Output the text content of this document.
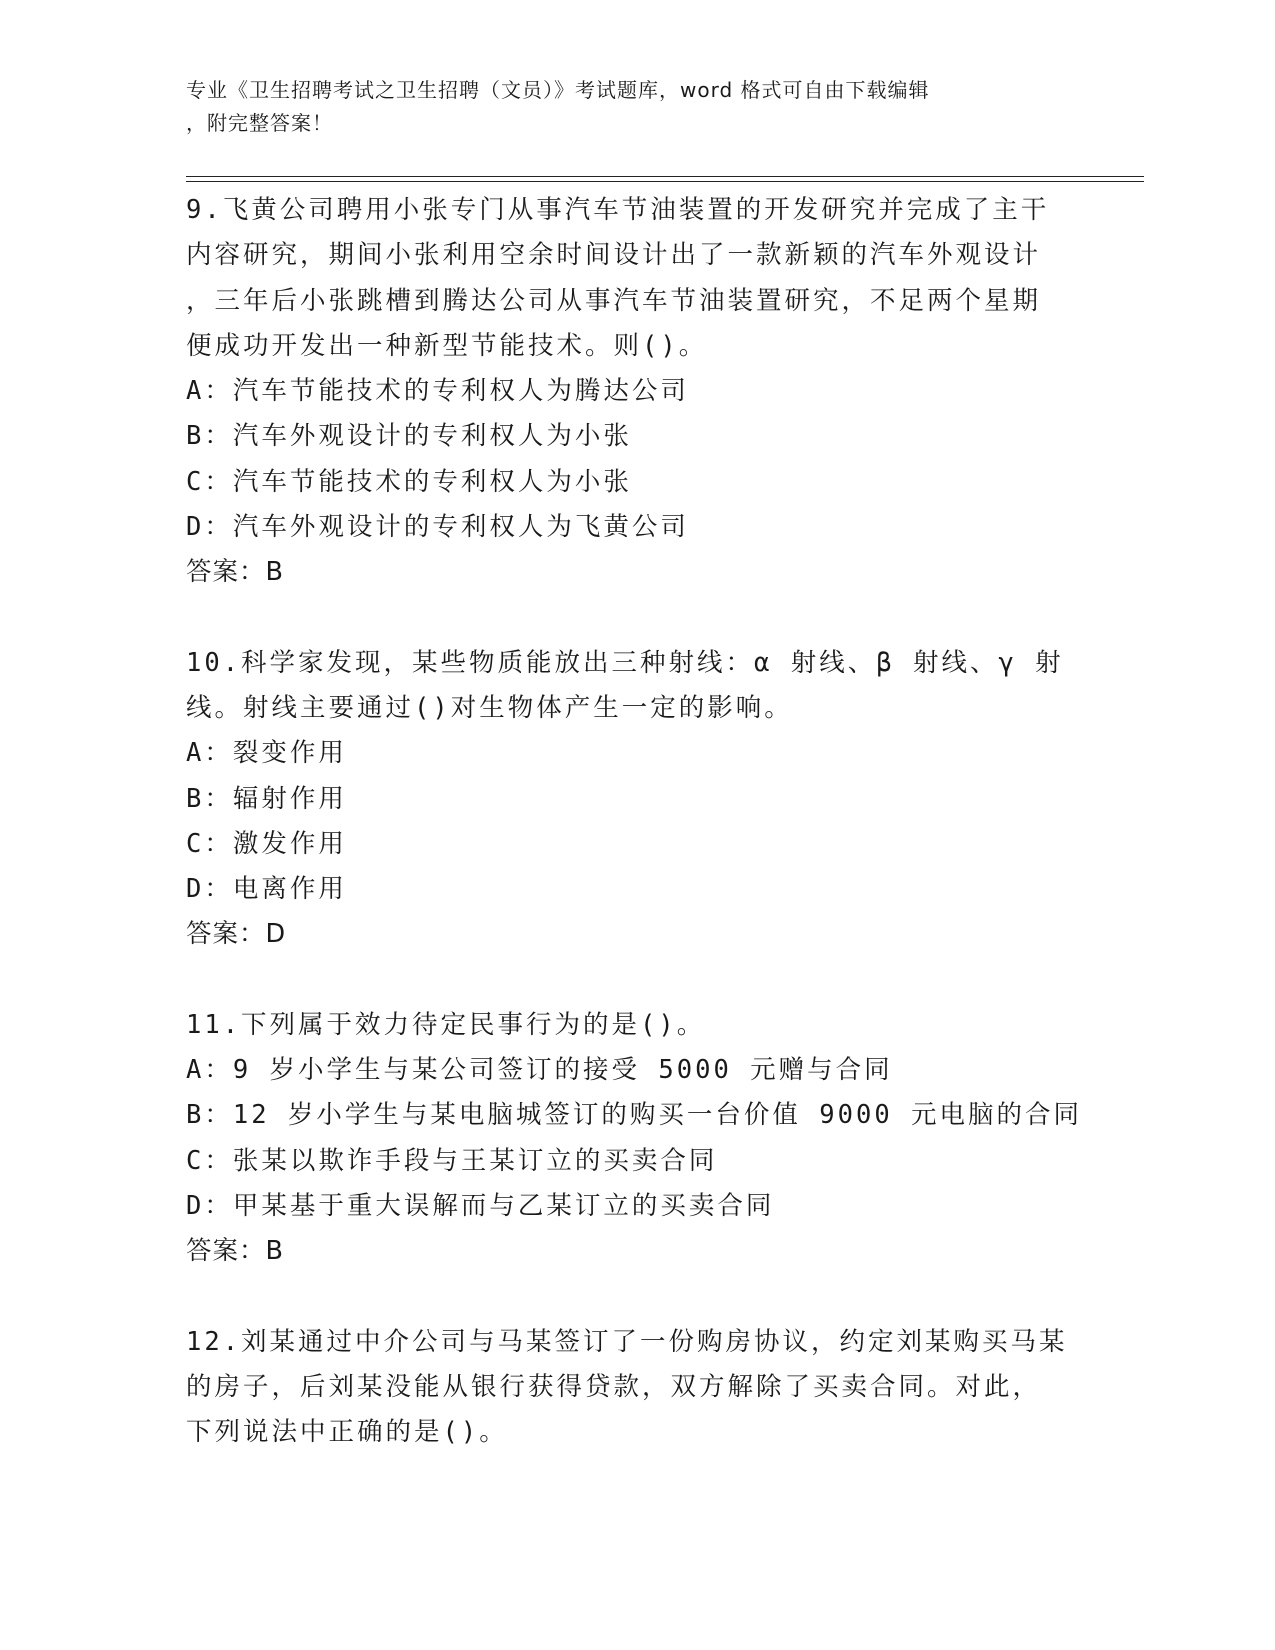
专业《卫生招聘考试之卫生招聘（文员）》考试题库，word 格式可自由下载编辑
，附完整答案！
9.飞黄公司聘用小张专门从事汽车节油装置的开发研究并完成了主干
内容研究，期间小张利用空余时间设计出了一款新颖的汽车外观设计
，三年后小张跳槽到腾达公司从事汽车节油装置研究，不足两个星期
便成功开发出一种新型节能技术。则()。
A：汽车节能技术的专利权人为腾达公司
B：汽车外观设计的专利权人为小张
C：汽车节能技术的专利权人为小张
D：汽车外观设计的专利权人为飞黄公司
答案：B
10.科学家发现，某些物质能放出三种射线：α 射线、β 射线、γ 射
线。射线主要通过()对生物体产生一定的影响。
A：裂变作用
B：辐射作用
C：激发作用
D：电离作用
答案：D
11.下列属于效力待定民事行为的是()。
A：9 岁小学生与某公司签订的接受 5000 元赠与合同
B：12 岁小学生与某电脑城签订的购买一台价值 9000 元电脑的合同
C：张某以欺诈手段与王某订立的买卖合同
D：甲某基于重大误解而与乙某订立的买卖合同
答案：B
12.刘某通过中介公司与马某签订了一份购房协议，约定刘某购买马某
的房子，后刘某没能从银行获得贷款，双方解除了买卖合同。对此，
下列说法中正确的是()。
